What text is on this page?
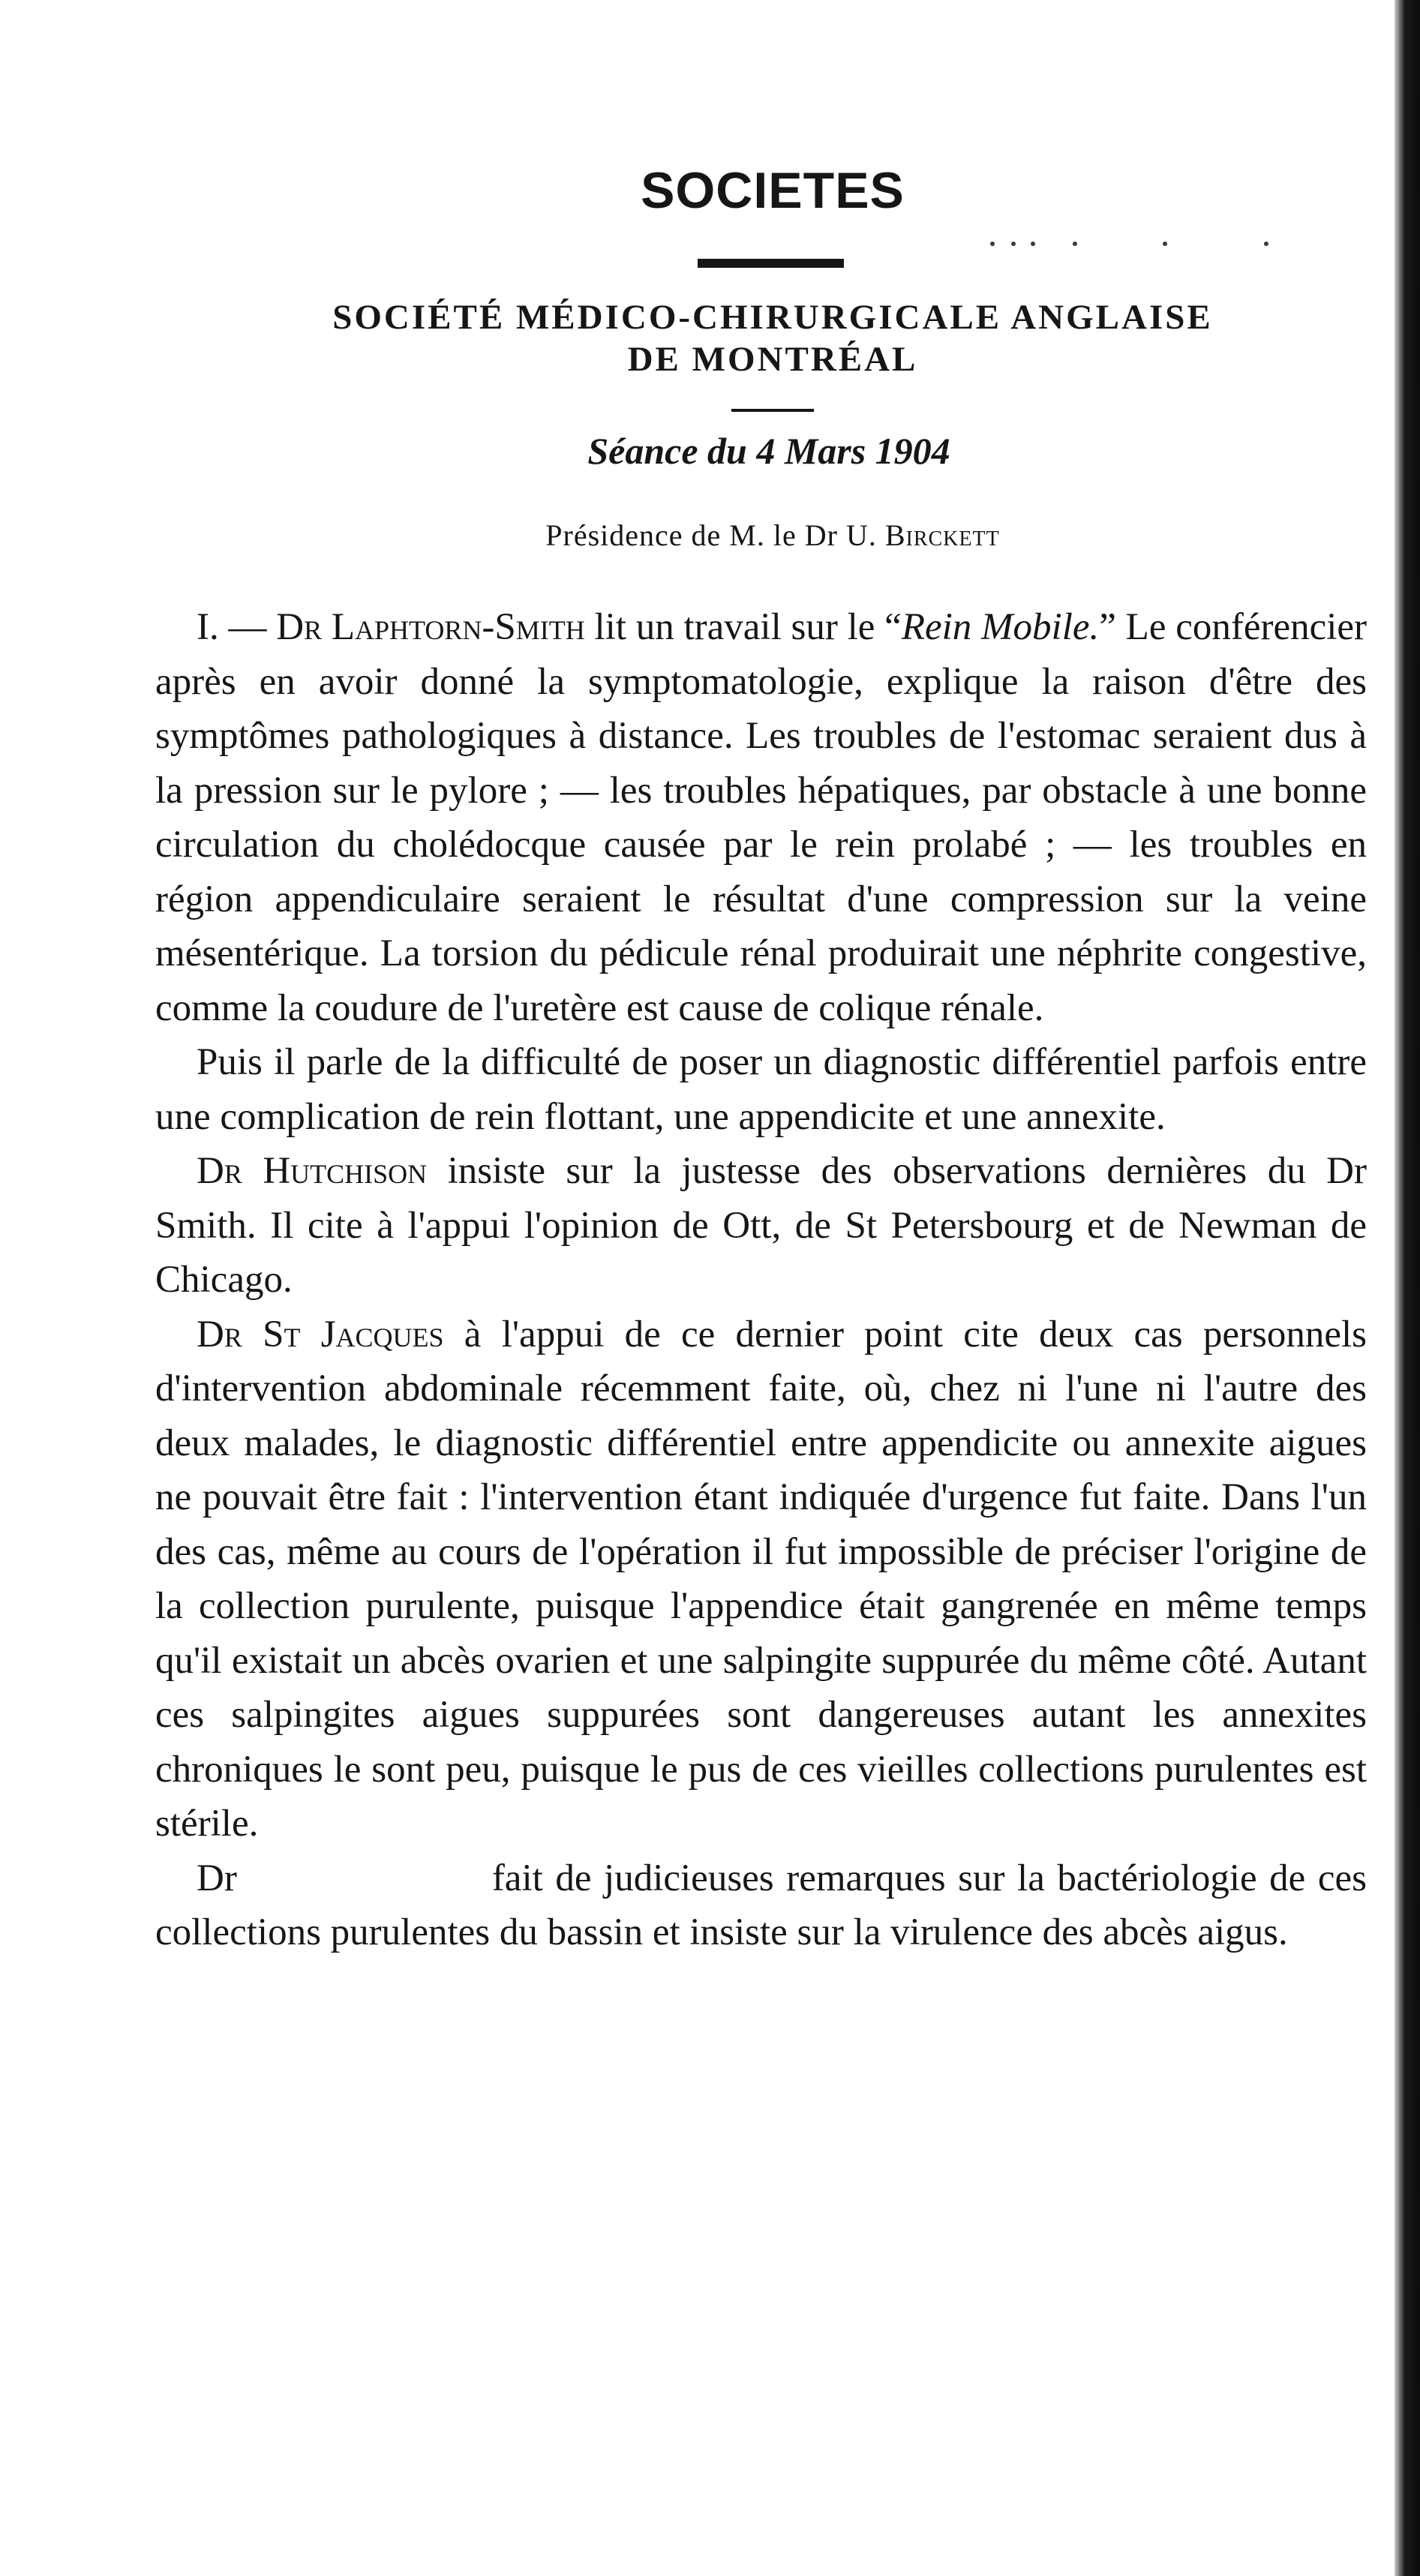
SOCIETES
SOCIÉTÉ MÉDICO-CHIRURGICALE ANGLAISE
DE MONTRÉAL
Séance du 4 Mars 1904
Présidence de M. le Dr U. Birckett

I. — Dr Laphtorn-Smith lit un travail sur le “Rein Mobile.” Le conférencier après en avoir donné la symptomatologie, explique la raison d'être des symptômes pathologiques à distance. Les troubles de l'estomac seraient dus à la pression sur le pylore ; — les troubles hépatiques, par obstacle à une bonne circulation du cholédocque causée par le rein prolabé ; — les troubles en région appendiculaire seraient le résultat d'une compression sur la veine mésentérique. La torsion du pédicule rénal produirait une néphrite congestive, comme la coudure de l'uretère est cause de colique rénale.

Puis il parle de la difficulté de poser un diagnostic différentiel parfois entre une complication de rein flottant, une appendicite et une annexite.

Dr Hutchison insiste sur la justesse des observations dernières du Dr Smith. Il cite à l'appui l'opinion de Ott, de St Petersbourg et de Newman de Chicago.

Dr St Jacques à l'appui de ce dernier point cite deux cas personnels d'intervention abdominale récemment faite, où, chez ni l'une ni l'autre des deux malades, le diagnostic différentiel entre appendicite ou annexite aigues ne pouvait être fait : l'intervention étant indiquée d'urgence fut faite. Dans l'un des cas, même au cours de l'opération il fut impossible de préciser l'origine de la collection purulente, puisque l'appendice était gangrenée en même temps qu'il existait un abcès ovarien et une salpingite suppurée du même côté. Autant ces salpingites aigues suppurées sont dangereuses autant les annexites chroniques le sont peu, puisque le pus de ces vieilles collections purulentes est stérile.

Dr	fait de judicieuses remarques sur la bactériologie de ces collections purulentes du bassin et insiste sur la virulence des abcès aigus.
